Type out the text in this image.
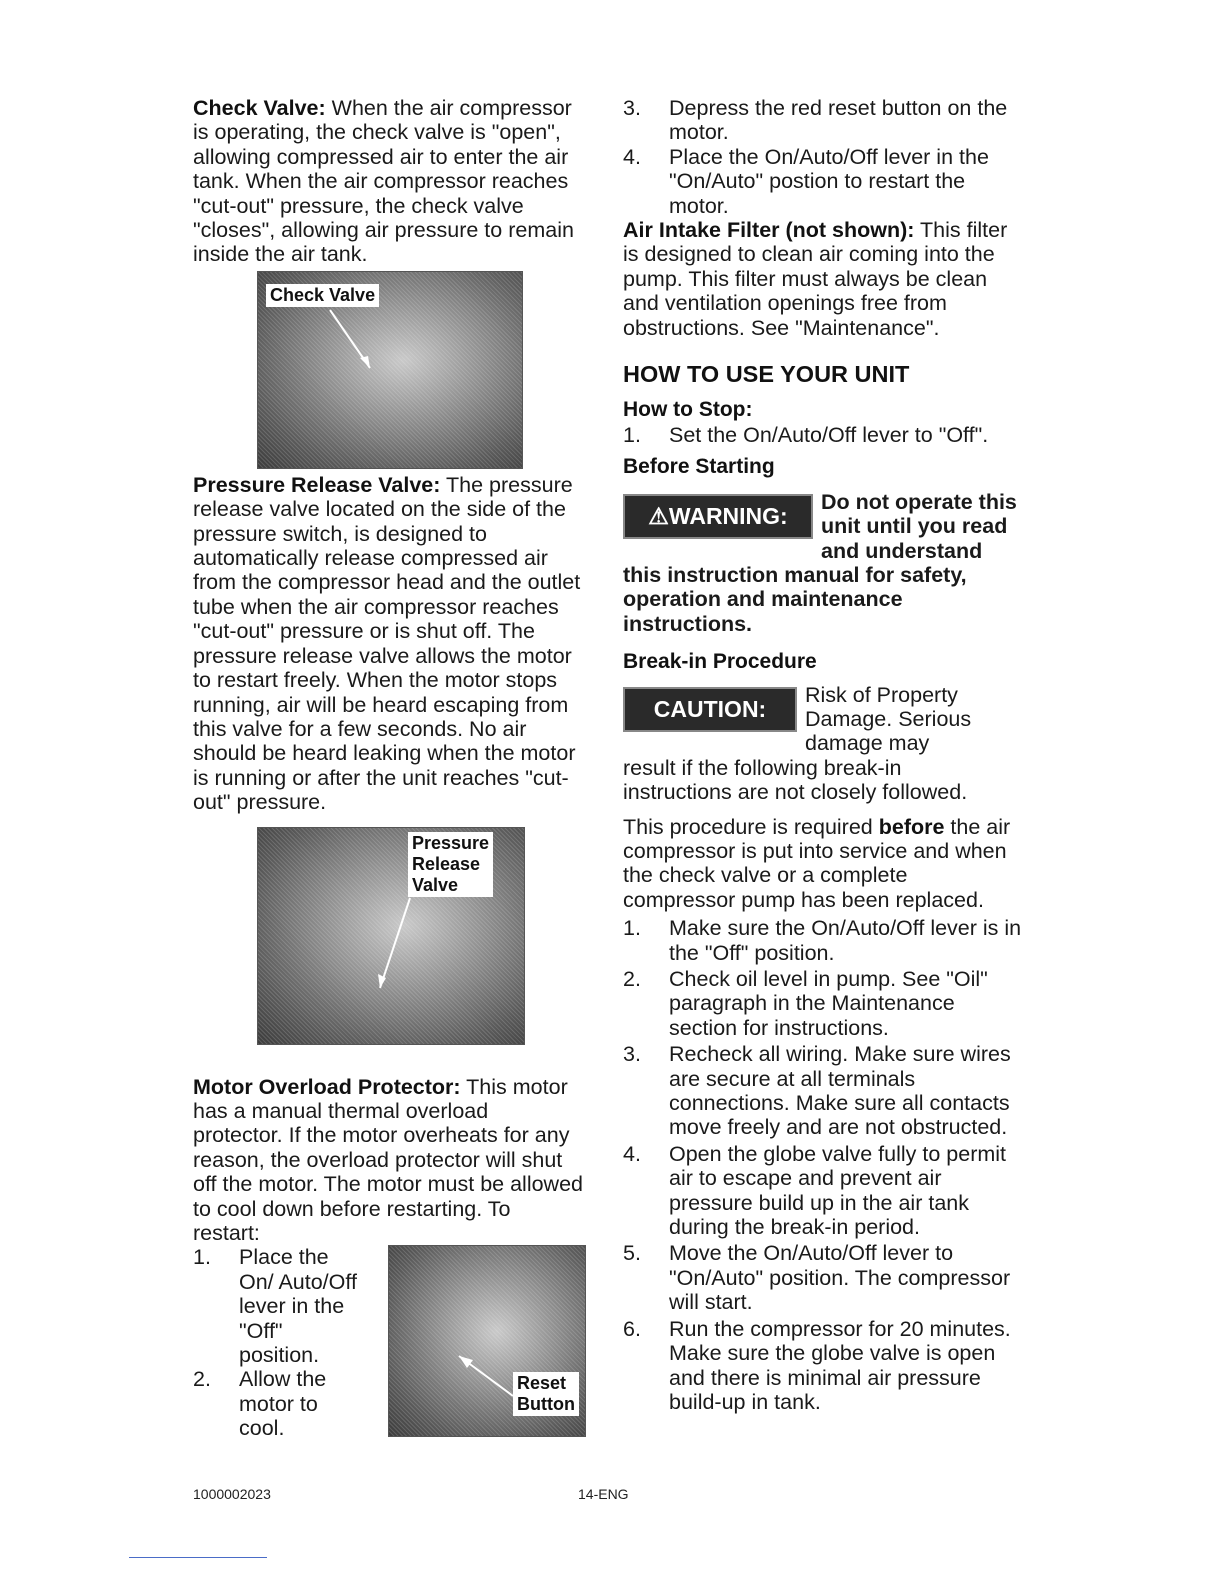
Check Valve: When the air compressor is operating, the check valve is "open", allowing compressed air to enter the air tank. When the air compressor reaches "cut-out" pressure, the check valve "closes", allowing air pressure to remain inside the air tank.

Check Valve

Pressure Release Valve: The pressure release valve located on the side of the pressure switch, is designed to automatically release compressed air from the compressor head and the outlet tube when the air compressor reaches "cut-out" pressure or is shut off. The pressure release valve allows the motor to restart freely. When the motor stops running, air will be heard escaping from this valve for a few seconds. No air should be heard leaking when the motor is running or after the unit reaches "cut-out" pressure.

Pressure
Release
Valve

Motor Overload Protector: This motor has a manual thermal overload protector. If the motor overheats for any reason, the overload protector will shut off the motor. The motor must be allowed to cool down before restarting. To restart:

1. Place the On/ Auto/Off lever in the "Off" position.
2. Allow the motor to cool.
Reset
Button
3. Depress the red reset button on the motor.
4. Place the On/Auto/Off lever in the "On/Auto" postion to restart the motor.

Air Intake Filter (not shown): This filter is designed to clean air coming into the pump. This filter must always be clean and ventilation openings free from obstructions. See "Maintenance".

HOW TO USE YOUR UNIT
How to Stop:
1. Set the On/Auto/Off lever to "Off".
Before Starting
⚠WARNING:
Do not operate this unit until you read and understand this instruction manual for safety, operation and maintenance instructions.
Break-in Procedure
CAUTION:
Risk of Property Damage. Serious damage may result if the following break-in instructions are not closely followed.

This procedure is required before the air compressor is put into service and when the check valve or a complete compressor pump has been replaced.

1. Make sure the On/Auto/Off lever is in the "Off" position.
2. Check oil level in pump. See "Oil" paragraph in the Maintenance section for instructions.
3. Recheck all wiring. Make sure wires are secure at all terminals connections. Make sure all contacts move freely and are not obstructed.
4. Open the globe valve fully to permit air to escape and prevent air pressure build up in the air tank during the break-in period.
5. Move the On/Auto/Off lever to "On/Auto" position. The compressor will start.
6. Run the compressor for 20 minutes. Make sure the globe valve is open and there is minimal air pressure build-up in tank.
1000002023	14-ENG
